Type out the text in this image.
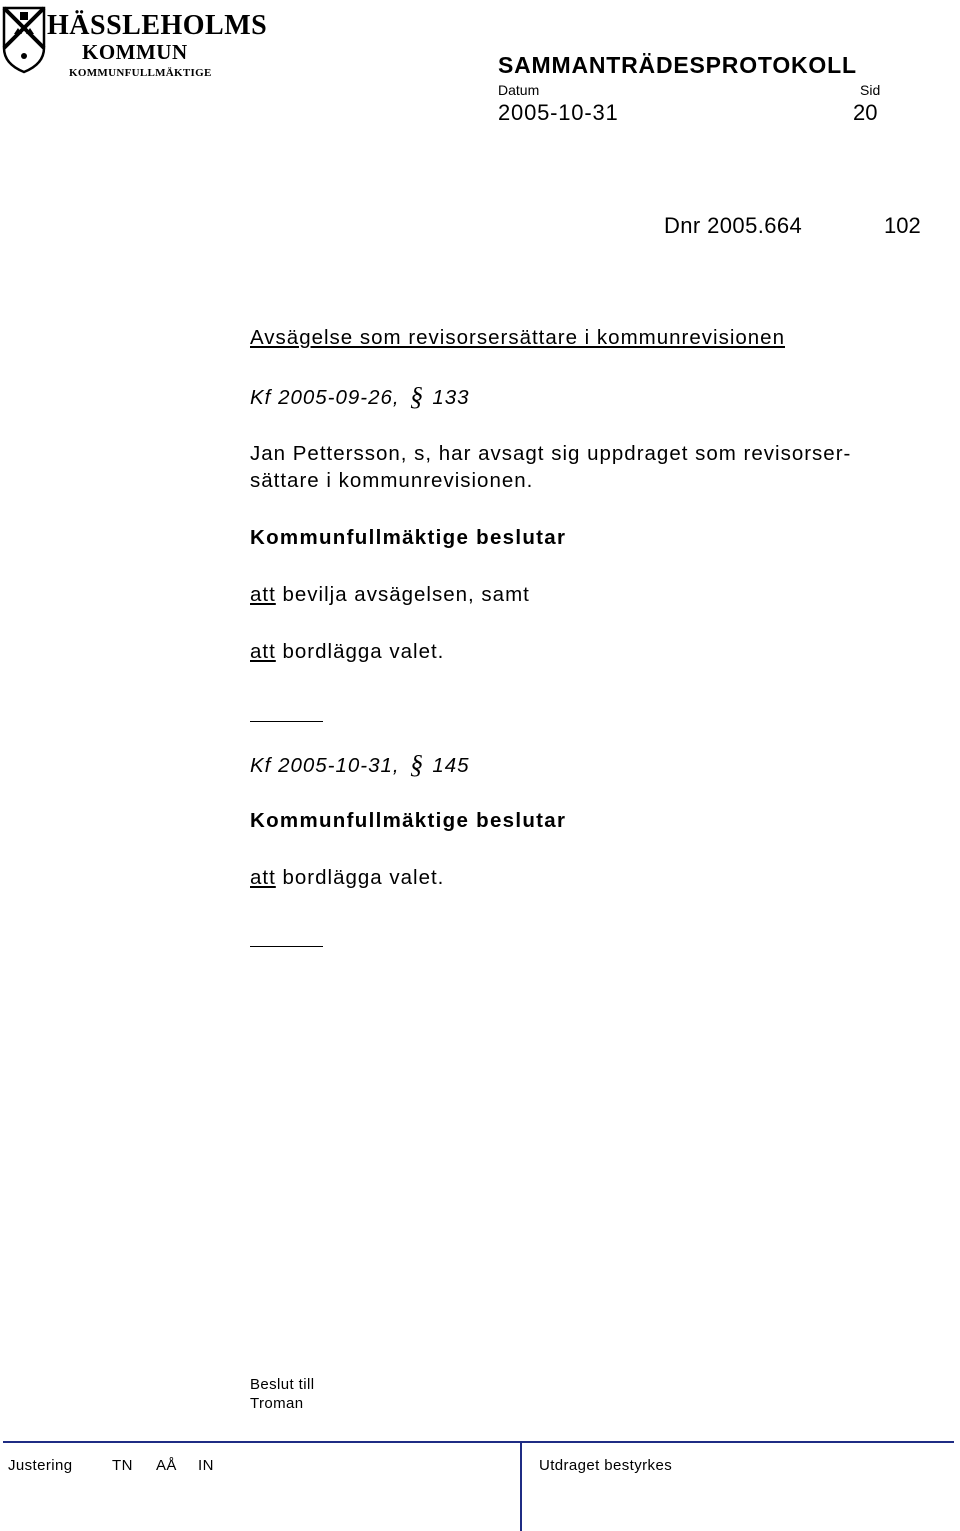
HÄSSLEHOLMS
KOMMUN
KOMMUNFULLMÄKTIGE	SAMMANTRÄDESPROTOKOLL
Datum	Sid
2005-10-31	20
Dnr 2005.664	102
Avsägelse som revisorsersättare i kommunrevisionen
Kf 2005-09-26, § 133
Jan Pettersson, s, har avsagt sig uppdraget som revisorser-
sättare i kommunrevisionen.
Kommunfullmäktige beslutar
att bevilja avsägelsen, samt
att bordlägga valet.
Kf 2005-10-31, § 145
Kommunfullmäktige beslutar
att bordlägga valet.
Beslut till
Troman
Justering	TN AÅ IN	Utdraget bestyrkes
